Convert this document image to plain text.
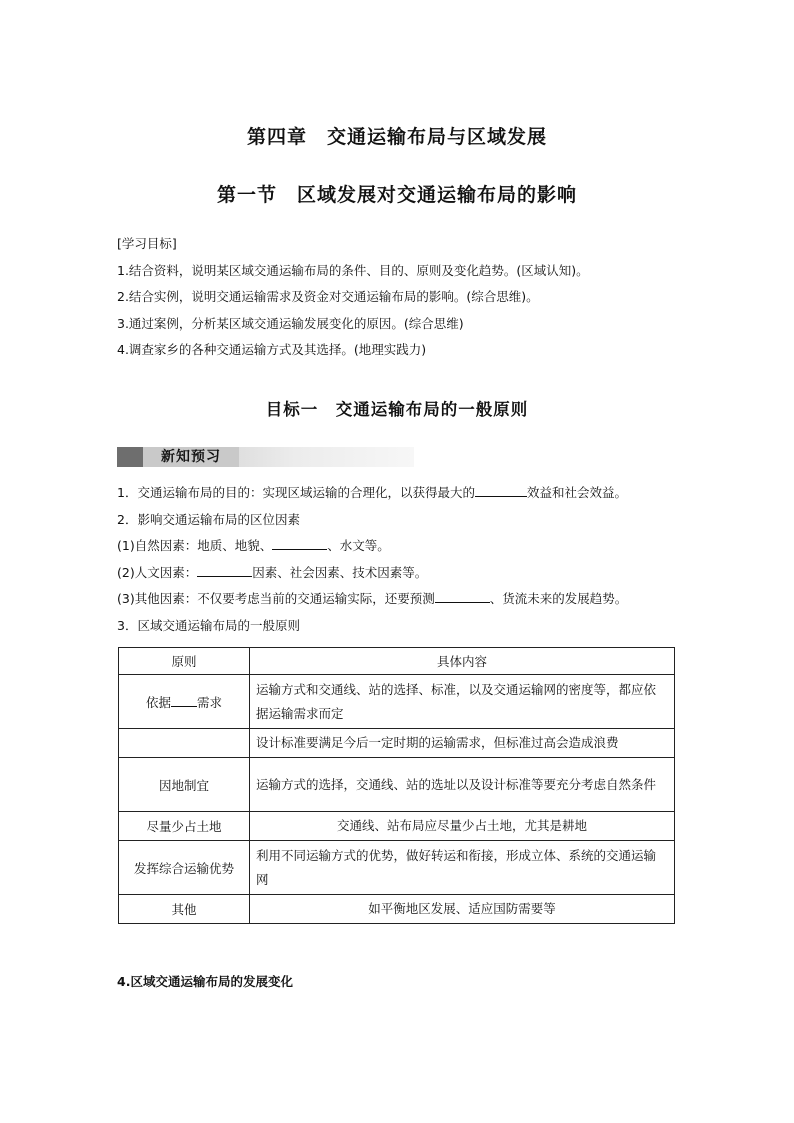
第四章　交通运输布局与区域发展
第一节　区域发展对交通运输布局的影响
[学习目标]
1.结合资料，说明某区域交通运输布局的条件、目的、原则及变化趋势。(区域认知)。
2.结合实例，说明交通运输需求及资金对交通运输布局的影响。(综合思维)。
3.通过案例，分析某区域交通运输发展变化的原因。(综合思维)
4.调查家乡的各种交通运输方式及其选择。(地理实践力)
目标一　交通运输布局的一般原则
新知预习
1．交通运输布局的目的：实现区域运输的合理化，以获得最大的	效益和社会效益。
2．影响交通运输布局的区位因素
(1)自然因素：地质、地貌、	、水文等。
(2)人文因素：	因素、社会因素、技术因素等。
(3)其他因素：不仅要考虑当前的交通运输实际，还要预测	、货流未来的发展趋势。
3．区域交通运输布局的一般原则
原则	具体内容
依据 需求	运输方式和交通线、站的选择、标准，以及交通运输网的密度等，都应依据运输需求而定
	设计标准要满足今后一定时期的运输需求，但标准过高会造成浪费
因地制宜	运输方式的选择，交通线、站的选址以及设计标准等要充分考虑自然条件
尽量少占土地	交通线、站布局应尽量少占土地，尤其是耕地
发挥综合运输优势	利用不同运输方式的优势，做好转运和衔接，形成立体、系统的交通运输网
其他	如平衡地区发展、适应国防需要等
4.区域交通运输布局的发展变化
